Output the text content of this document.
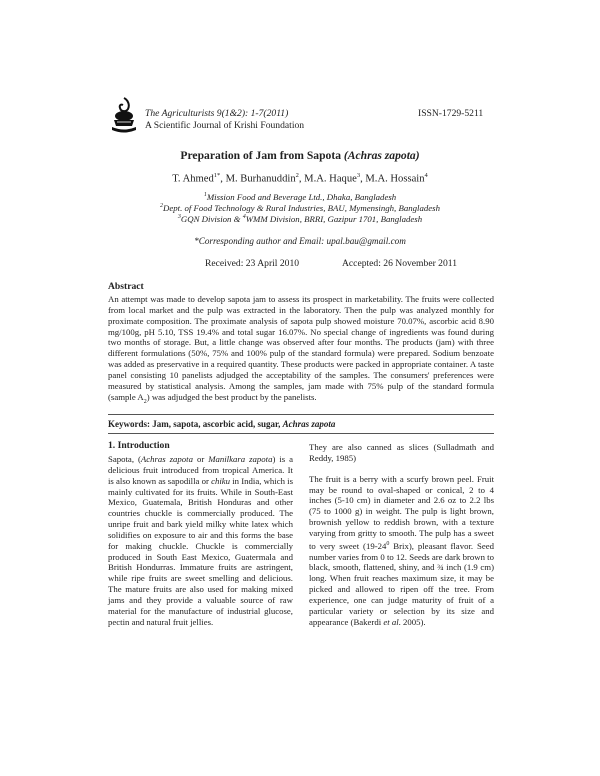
The Agriculturists 9(1&2): 1-7(2011)
A Scientific Journal of Krishi Foundation
ISSN-1729-5211
Preparation of Jam from Sapota (Achras zapota)
T. Ahmed$^{1*}$, M. Burhanuddin$^2$, M.A. Haque$^3$, M.A. Hossain$^4$
$^1$Mission Food and Beverage Ltd., Dhaka, Bangladesh
$^2$Dept. of Food Technology & Rural Industries, BAU, Mymensingh, Bangladesh
$^3$GQN Division & $^4$WMM Division, BRRI, Gazipur 1701, Bangladesh
*Corresponding author and Email: upal.bau@gmail.com
Received: 23 April 2010	Accepted: 26 November 2011
Abstract
An attempt was made to develop sapota jam to assess its prospect in marketability. The fruits were collected from local market and the pulp was extracted in the laboratory. Then the pulp was analyzed monthly for proximate composition. The proximate analysis of sapota pulp showed moisture 70.07%, ascorbic acid 8.90 mg/100g, pH 5.10, TSS 19.4% and total sugar 16.07%. No special change of ingredients was found during two months of storage. But, a little change was observed after four months. The products (jam) with three different formulations (50%, 75% and 100% pulp of the standard formula) were prepared. Sodium benzoate was added as preservative in a required quantity. These products were packed in appropriate container. A taste panel consisting 10 panelists adjudged the acceptability of the samples. The consumers' preferences were measured by statistical analysis. Among the samples, jam made with 75% pulp of the standard formula (sample $A_2$) was adjudged the best product by the panelists.
Keywords: Jam, sapota, ascorbic acid, sugar, Achras zapota
1. Introduction
Sapota, (Achras zapota or Manilkara zapota) is a delicious fruit introduced from tropical America. It is also known as sapodilla or chiku in India, which is mainly cultivated for its fruits. While in South-East Mexico, Guatemala, British Honduras and other countries chuckle is commercially produced. The unripe fruit and bark yield milky white latex which solidifies on exposure to air and this forms the base for making chuckle. Chuckle is commercially produced in South East Mexico, Guatermala and British Hondurras. Immature fruits are astringent, while ripe fruits are sweet smelling and delicious. The mature fruits are also used for making mixed jams and they provide a valuable source of raw material for the manufacture of industrial glucose, pectin and natural fruit jellies.

They are also canned as slices (Sulladmath and Reddy, 1985)

The fruit is a berry with a scurfy brown peel. Fruit may be round to oval-shaped or conical, 2 to 4 inches (5-10 cm) in diameter and 2.6 oz to 2.2 lbs (75 to 1000 g) in weight. The pulp is light brown, brownish yellow to reddish brown, with a texture varying from gritty to smooth. The pulp has a sweet to very sweet ($19-24^0$ Brix), pleasant flavor. Seed number varies from 0 to 12. Seeds are dark brown to black, smooth, flattened, shiny, and ¾ inch (1.9 cm) long. When fruit reaches maximum size, it may be picked and allowed to ripen off the tree. From experience, one can judge maturity of fruit of a particular variety or selection by its size and appearance (Bakerdi et al. 2005).
